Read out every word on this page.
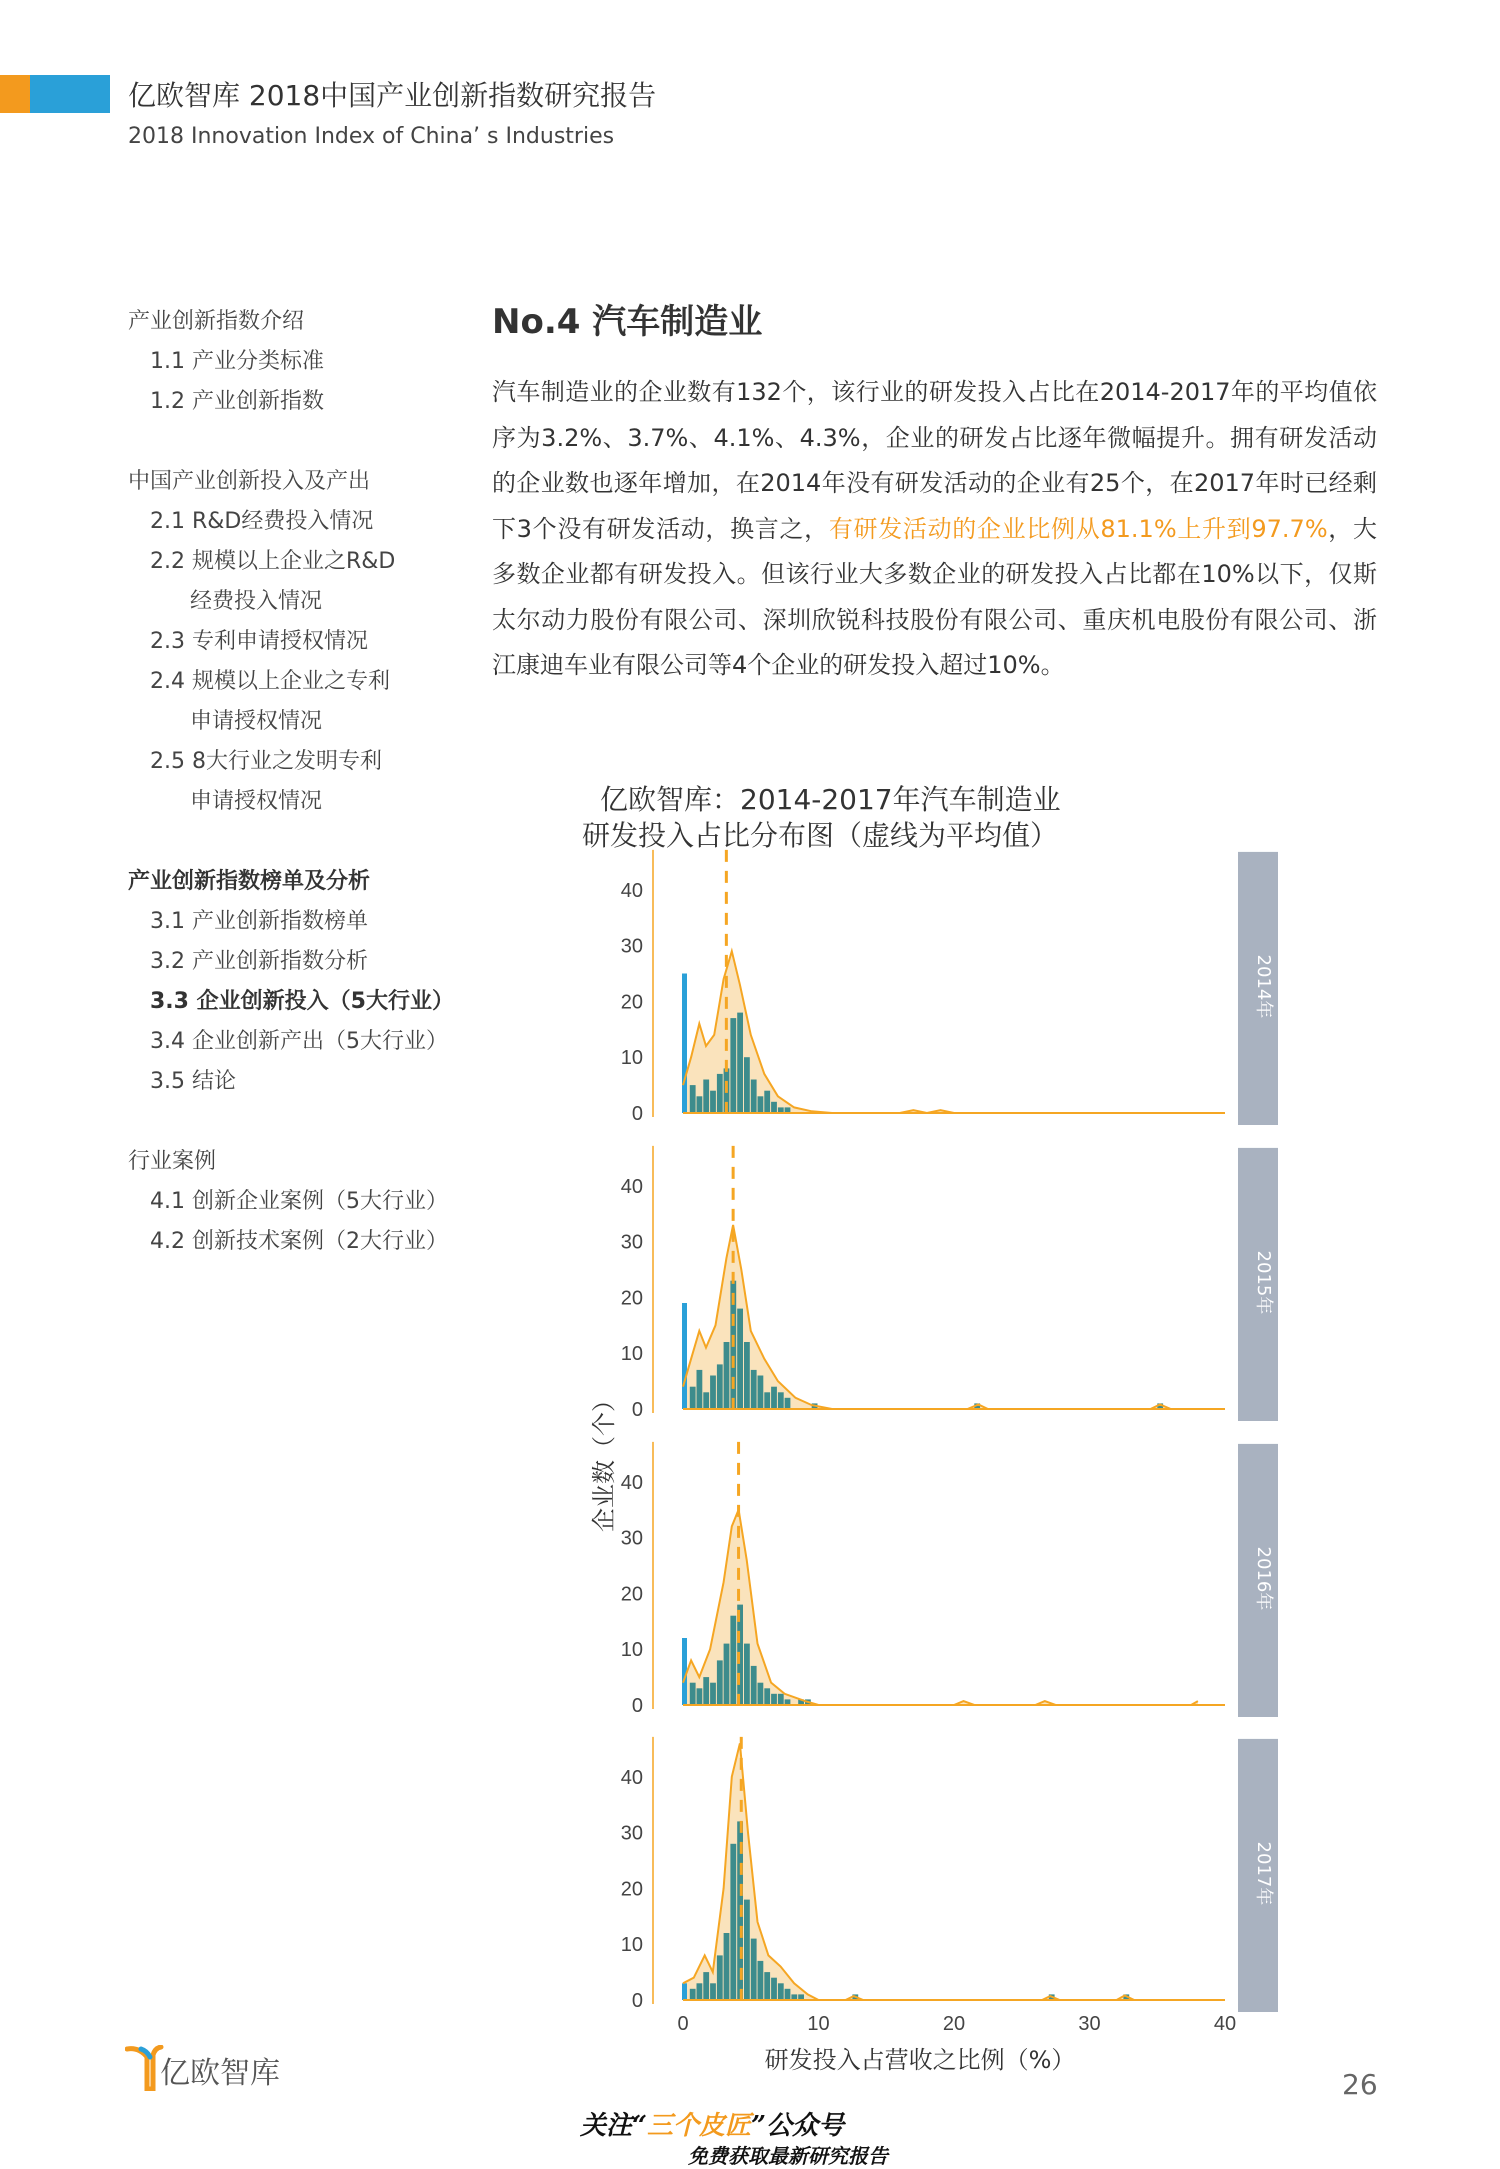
亿欧智库 2018中国产业创新指数研究报告
2018 Innovation Index of China’ s Industries
产业创新指数介绍
1.1 产业分类标准
1.2 产业创新指数
中国产业创新投入及产出
2.1 R&D经费投入情况
2.2 规模以上企业之R&D
经费投入情况
2.3 专利申请授权情况
2.4 规模以上企业之专利
申请授权情况
2.5 8大行业之发明专利
申请授权情况
产业创新指数榜单及分析
3.1 产业创新指数榜单
3.2 产业创新指数分析
3.3 企业创新投入（5大行业）
3.4 企业创新产出（5大行业）
3.5 结论
行业案例
4.1 创新企业案例（5大行业）
4.2 创新技术案例（2大行业）
No.4 汽车制造业
汽车制造业的企业数有132个，该行业的研发投入占比在2014-2017年的平均值依序为3.2%、3.7%、4.1%、4.3%，企业的研发占比逐年微幅提升。拥有研发活动的企业数也逐年增加，在2014年没有研发活动的企业有25个，在2017年时已经剩下3个没有研发活动，换言之，有研发活动的企业比例从81.1%上升到97.7%，大多数企业都有研发投入。但该行业大多数企业的研发投入占比都在10%以下，仅斯太尔动力股份有限公司、深圳欣锐科技股份有限公司、重庆机电股份有限公司、浙江康迪车业有限公司等4个企业的研发投入超过10%。
亿欧智库：2014-2017年汽车制造业
研发投入占比分布图（虚线为平均值）
0
10
20
30
40
2014年
0
10
20
30
40
2015年
0
10
20
30
40
2016年
0
10
20
30
40
2017年
0	10	20	30	40
研发投入占营收之比例（%）
企业数（个）
亿欧智库	26
关注“三个皮匠”公众号
免费获取最新研究报告
